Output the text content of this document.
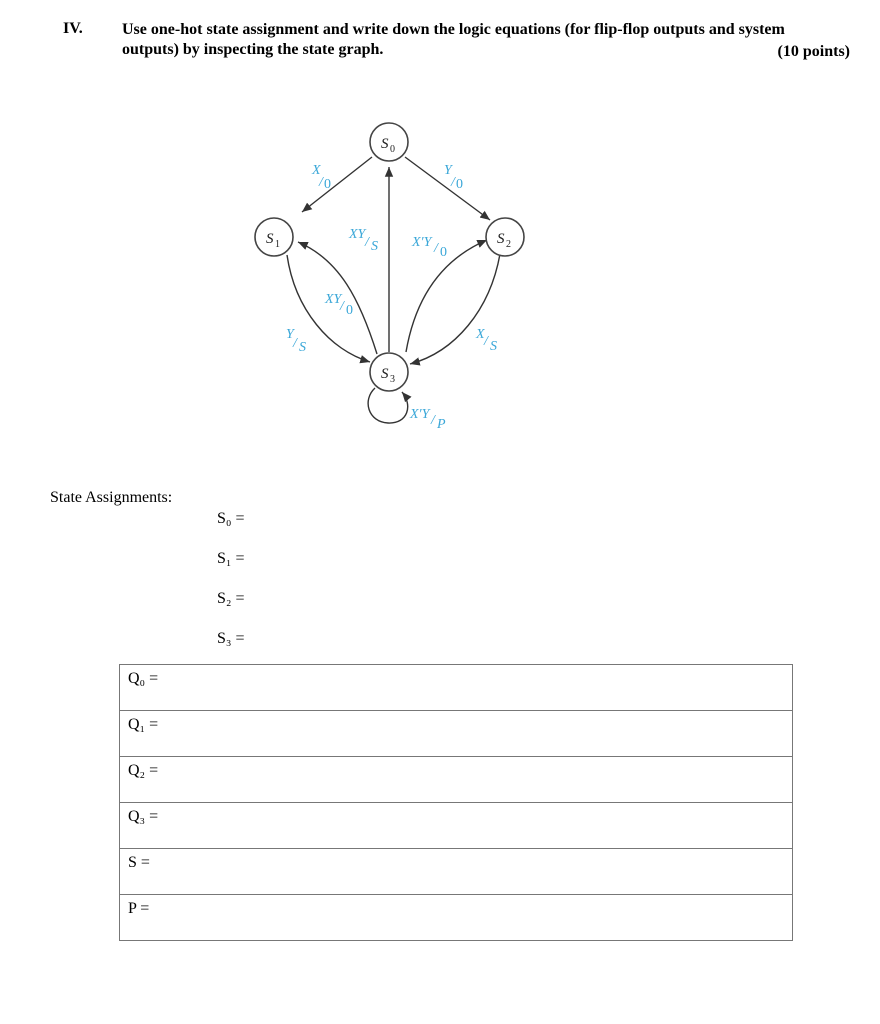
IV. Use one-hot state assignment and write down the logic equations (for flip-flop outputs and system outputs) by inspecting the state graph.	(10 points)
S 0
S 1	S 2
S 3
X
/ 0
Y
/ 0
XY
/ S X′Y / 0
XY
/ 0
Y
/ S
X / S
X′Y / P
State Assignments:
S₀ =
S₁ =
S₂ =
S₃ =
Q₀ =

Q₁ =

Q₂ =

Q₃ =

S =

P =
